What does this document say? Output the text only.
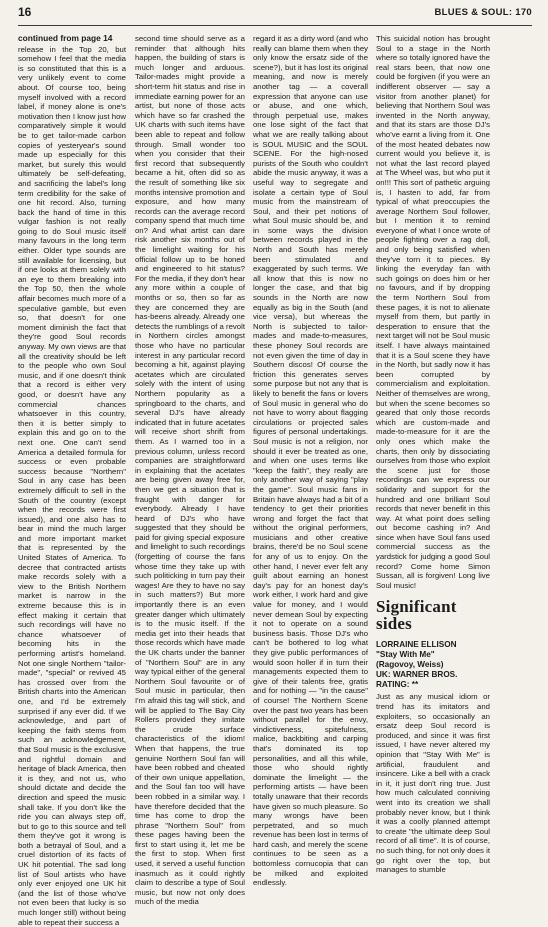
16	BLUES & SOUL: 170
continued from page 14

release in the Top 20, but somehow I feel that the media is so constituted that this is a very unlikely event to come about. Of course too, being myself involved with a record label, if money alone is one's motivation then I know just how comparatively simple it would be to get tailor-made carbon copies of yesteryear's sound made up especially for this market, but surely this would ultimately be self-defeating, and sacrificing the label's long term credibility for the sake of one hit record. Also, turning back the hand of time in this vulgar fashion is not really going to do Soul music itself many favours in the long term either. Older type sounds are still available for licensing, but if one looks at them solely with an eye to them breaking into the Top 50, then the whole affair becomes much more of a speculative gamble, but even so, that doesn't for one moment diminish the fact that they're good Soul records anyway. My own views are that all the creativity should be left to the people who own Soul music, and if one doesn't think that a record is either very good, or doesn't have any commercial chances whatsoever in this country, then it is better simply to explain this and go on to the next one. One can't send America a detailed formula for success or even probable success because "Northern" Soul in any case has been extremely difficult to sell in the South of the country (except when the records were first issued), and one also has to bear in mind the much larger and more important market that is represented by the United States of America. To decree that contracted artists make records solely with a view to the British Northern market is narrow in the extreme because this is in effect making it certain that such recordings will have no chance whatsoever of becoming hits in the performing artist's homeland. Not one single Northern "tailor-made", "special" or revived 45 has crossed over from the British charts into the American one, and I'd be extremely surprised if any ever did. If we acknowledge, and part of keeping the faith stems from such an acknowledgement, that Soul music is the exclusive and rightful domain and heritage of black America, then it is they, and not us, who should dictate and decide the direction and speed the music shall take. If you don't like the ride you can always step off, but to go to this source and tell them they've got it wrong is both a betrayal of Soul, and a cruel distortion of its facts of UK hit potential. The sad long list of Soul artists who have only ever enjoyed one UK hit (and the list of those who've not even been that lucky is so much longer still) without being able to repeat their success a

second time should serve as a reminder that although hits happen, the building of stars is much longer and arduous. Tailor-mades might provide a short-term hit status and rise in immediate earning power for an artist, but none of those acts which have so far crashed the UK charts with such items have been able to repeat and follow through. Small wonder too when you consider that their first record that subsequently became a hit, often did so as the result of something like six months intensive promotion and exposure, and how many records can the average record company spend that much time on? And what artist can dare risk another six months out of the limelight waiting for his official follow up to be honed and engineered to hit status? For the media, if they don't hear any more within a couple of months or so, then so far as they are concerned they are has-beens already. Already one detects the rumblings of a revolt in Northern circles amongst those who have no particular interest in any particular record becoming a hit, against playing acetates which are circulated solely with the intent of using Northern popularity as a springboard to the charts, and several DJ's have already indicated that in future acetates will receive short shrift from them. As I warned too in a previous column, unless record companies are straightforward in explaining that the acetates are being given away free for, then we get a situation that is fraught with danger for everybody. Already I have heard of DJ's who have suggested that they should be paid for giving special exposure and limelight to such recordings (forgetting of course the fans whose time they take up with such politicking in turn pay their wages! Are they to have no say in such matters?) But more importantly there is an even greater danger which ultimately is to the music itself. If the media get into their heads that those records which have made the UK charts under the banner of "Northern Soul" are in any way typical either of the general Northern Soul favourite or of Soul music in particular, then I'm afraid this tag will stick, and will be applied to The Bay City Rollers provided they imitate the crude surface characteristics of the idiom! When that happens, the true genuine Northern Soul fan will have been robbed and cheated of their own unique appellation, and the Soul fan too will have been robbed in a similar way. I have therefore decided that the time has come to drop the phrase "Northern Soul" from these pages having been the first to start using it, let me be the first to stop. When first used, it served a useful function inasmuch as it could rightly claim to describe a type of Soul music, but now not only does much of the media

regard it as a dirty word (and who really can blame them when they only know the ersatz side of the scene?), but it has lost its original meaning, and now is merely another tag — a coverall expression that anyone can use or abuse, and one which, through perpetual use, makes one lose sight of the fact that what we are really talking about is SOUL MUSIC and the SOUL SCENE. For the high-nosed purists of the South who couldn't abide the music anyway, it was a useful way to segregate and isolate a certain type of Soul music from the mainstream of Soul, and their pet notions of what Soul music should be, and in some ways the division between records played in the North and South has merely been stimulated and exaggerated by such terms. We all know that this is now no longer the case, and that big sounds in the North are now equally as big in the South (and vice versa), but whereas the North is subjected to tailor-mades and made-to-measures, these phoney Soul records are not even given the time of day in Southern discos! Of course the friction this generates serves some purpose but not any that is likely to benefit the fans or lovers of Soul music in general who do not have to worry about flagging circulations or projected sales figures of personal undertakings. Soul music is not a religion, nor should it ever be treated as one, and when one uses terms like "keep the faith", they really are only another way of saying "play the game". Soul music fans in Britain have always had a bit of a tendency to get their priorities wrong and forget the fact that without the original performers, musicians and other creative brains, there'd be no Soul scene for any of us to enjoy. On the other hand, I never ever felt any guilt about earning an honest day's pay for an honest day's work either, I work hard and give value for money, and I would never demean Soul by expecting it not to operate on a sound business basis. Those DJ's who can't be bothered to log what they give public performances of would soon holler if in turn their managements expected them to give of their talents free, gratis and for nothing — "in the cause" of course! The Northern Scene over the past two years has been without parallel for the envy, vindictiveness, spitefulness, malice, backbiting and carping that's dominated its top personalities, and all this while, those who should rightly dominate the limelight — the performing artists — have been totally unaware that their records have given so much pleasure. So many wrongs have been perpetrated, and so much revenue has been lost in terms of hard cash, and merely the scene continues to be seen as a bottomless cornucopia that can be milked and exploited endlessly.

This suicidal notion has brought Soul to a stage in the North where so totally ignored have the real stars been, that now one could be forgiven (if you were an indifferent observer — say a visitor from another planet) for believing that Northern Soul was invented in the North anyway, and that its stars are those DJ's who've earnt a living from it. One of the most heated debates now current would you believe it, is not what the last record played at The Wheel was, but who put it on!!! This sort of pathetic arguing is, I hasten to add, far from typical of what preoccupies the average Northern Soul follower, but I mention it to remind everyone of what I once wrote of people fighting over a rag doll, and only being satisfied when they've torn it to pieces. By linking the everyday fan with such goings on does him or her no favours, and if by dropping the term Northern Soul from these pages, it is not to alienate myself from them, but partly in desperation to ensure that the next target will not be Soul music itself. I have always maintained that it is a Soul scene they have in the North, but sadly now it has been corrupted by commercialism and exploitation. Neither of themselves are wrong, but when the scene becomes so geared that only those records which are custom-made and made-to-measure for it are the only ones which make the charts, then only by dissociating ourselves from those who exploit the scene just for those recordings can we express our solidarity and support for the hundred and one brilliant Soul records that never benefit in this way. At what point does selling out become cashing in? And since when have Soul fans used commercial success as the yardstick for judging a good Soul record? Come home Simon Sussan, all is forgiven! Long live Soul music!

Significant sides
LORRAINE ELLISON
"Stay With Me"
(Ragovoy, Weiss)
UK: WARNER BROS.
RATING: **

Just as any musical idiom or trend has its imitators and exploiters, so occasionally an ersatz deep Soul record is produced, and since it was first issued, I have never altered my opinion that "Stay With Me" is artificial, fraudulent and insincere. Like a bell with a crack in it, it just don't ring true. Just how much calculated conniving went into its creation we shall probably never know, but I think it was a coolly planned attempt to create "the ultimate deep Soul record of all time". It is of course, no such thing, for not only does it go right over the top, but manages to stumble
